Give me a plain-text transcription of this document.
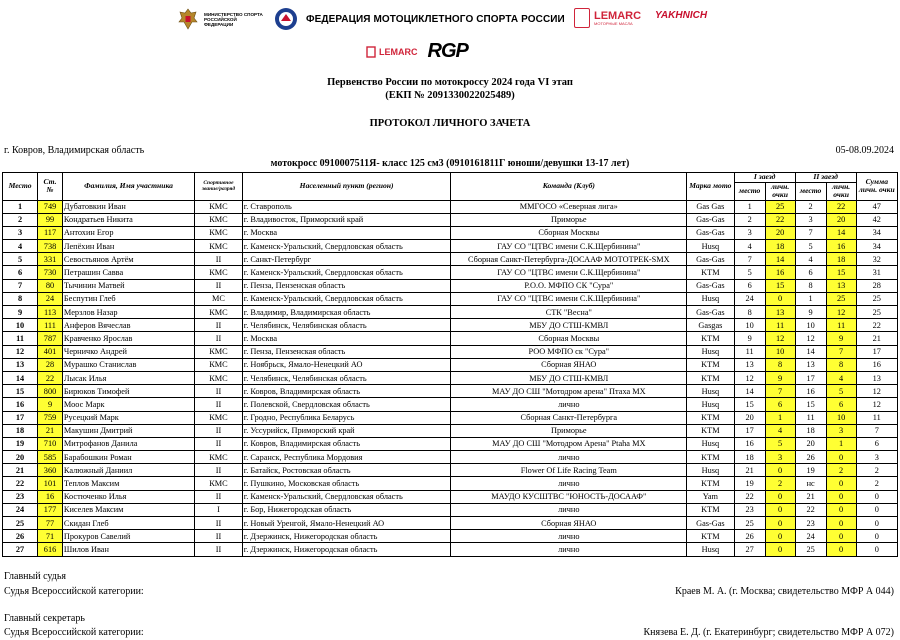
МИНИСТЕРСТВО СПОРТА РОССИЙСКОЙ ФЕДЕРАЦИИ	ФЕДЕРАЦИЯ МОТОЦИКЛЕТНОГО СПОРТА РОССИИ	LEMARC
МОТОРНЫЕ МАСЛА
YAKHNICH
LEMARC RGP
Первенство России по мотокроссу 2024 года VI этап
(ЕКП № 2091330022025489)
ПРОТОКОЛ ЛИЧНОГО ЗАЧЕТА
г. Ковров, Владимирская область	05-08.09.2024
мотокросс 0910007511Я- класс 125 см3 (0910161811Г юноши/девушки 13-17 лет)
Место	Ст. №	Фамилия, Имя участника	Спортивное звание/разряд	Населенный пункт (регион)	Команда (Клуб)	Марка мото	I заезд		II заезд		Сумма личн. очки
							место	личн. очки	место	личн. очки	
1	749	Дубатовкин Иван	КМС	г. Ставрополь	ММГОСО «Северная лига»	Gas Gas	1	25	2	22	47
2	99	Кондратьев Никита	КМС	г. Владивосток, Приморский край	Приморье	Gas-Gas	2	22	3	20	42
3	117	Антохин Егор	КМС	г. Москва	Сборная Москвы	Gas-Gas	3	20	7	14	34
4	738	Лепёхин Иван	КМС	г. Каменск-Уральский, Свердловская область	ГАУ СО "ЦТВС имени С.К.Щербинина"	Husq	4	18	5	16	34
5	331	Севостьянов Артём	II	г. Санкт-Петербург	Сборная Санкт-Петербурга-ДОСААФ МОТОТРЕК-SMX	Gas-Gas	7	14	4	18	32
6	730	Петрашин Савва	КМС	г. Каменск-Уральский, Свердловская область	ГАУ СО "ЦТВС имени С.К.Щербинина"	KTM	5	16	6	15	31
7	80	Тычинин Матвей	II	г. Пенза, Пензенская область	Р.О.О. МФПО СК "Сура"	Gas-Gas	6	15	8	13	28
8	24	Беспутин Глеб	МС	г. Каменск-Уральский, Свердловская область	ГАУ СО "ЦТВС имени С.К.Щербинина"	Husq	24	0	1	25	25
9	113	Мерзлов Назар	КМС	г. Владимир, Владимирская область	СТК "Весна"	Gas-Gas	8	13	9	12	25
10	111	Анферов Вячеслав	II	г. Челябинск, Челябинская область	МБУ ДО СТШ-КМВЛ	Gasgas	10	11	10	11	22
11	787	Кравченко Ярослав	II	г. Москва	Сборная Москвы	KTM	9	12	12	9	21
12	401	Черничко Андрей	КМС	г. Пенза, Пензенская область	РОО МФПО ск "Сура"	Husq	11	10	14	7	17
13	28	Мурашко Станислав	КМС	г. Ноябрьск, Ямало-Ненецкий АО	Сборная ЯНАО	KTM	13	8	13	8	16
14	22	Лысак Илья	КМС	г. Челябинск, Челябинская область	МБУ ДО СТШ-КМВЛ	KTM	12	9	17	4	13
15	800	Бирюков Тимофей	II	г. Ковров, Владимирская область	МАУ ДО СШ "Мотодром арена" Птаха МХ	Husq	14	7	16	5	12
16	9	Моос Марк	II	г. Полевской, Свердловская область	лично	Husq	15	6	15	6	12
17	759	Русецкий Марк	КМС	г. Гродно, Республика Беларусь	Сборная Санкт-Петербурга	KTM	20	1	11	10	11
18	21	Макушин Дмитрий	II	г. Уссурийск, Приморский край	Приморье	KTM	17	4	18	3	7
19	710	Митрофанов Данила	II	г. Ковров, Владимирская область	МАУ ДО СШ "Мотодром Арена" Ptaha MX	Husq	16	5	20	1	6
20	585	Барабошкин Роман	КМС	г. Саранск, Республика Мордовия	лично	KTM	18	3	26	0	3
21	360	Калюжный Даниил	II	г. Батайск, Ростовская область	Flower Of Life Racing Team	Husq	21	0	19	2	2
22	101	Теплов Максим	КМС	г. Пушкино, Московская область	лично	KTM	19	2	нс	0	2
23	16	Костюченко Илья	II	г. Каменск-Уральский, Свердловская область	МАУДО КУСШТВС "ЮНОСТЬ-ДОСААФ"	Yam	22	0	21	0	0
24	177	Киселев Максим	I	г. Бор, Нижегородская область	лично	KTM	23	0	22	0	0
25	77	Скидан Глеб	II	г. Новый Уренгой, Ямало-Ненецкий АО	Сборная ЯНАО	Gas-Gas	25	0	23	0	0
26	71	Прокуров Савелий	II	г. Дзержинск, Нижегородская область	лично	KTM	26	0	24	0	0
27	616	Шилов Иван	II	г. Дзержинск, Нижегородская область	лично	Husq	27	0	25	0	0
Главный судья
Судья Всероссийской категории:	Краев М. А. (г. Москва; свидетельство МФР А 044)
Главный секретарь
Судья Всероссийской категории:	Князева Е. Д. (г. Екатеринбург; свидетельство МФР А 072)
